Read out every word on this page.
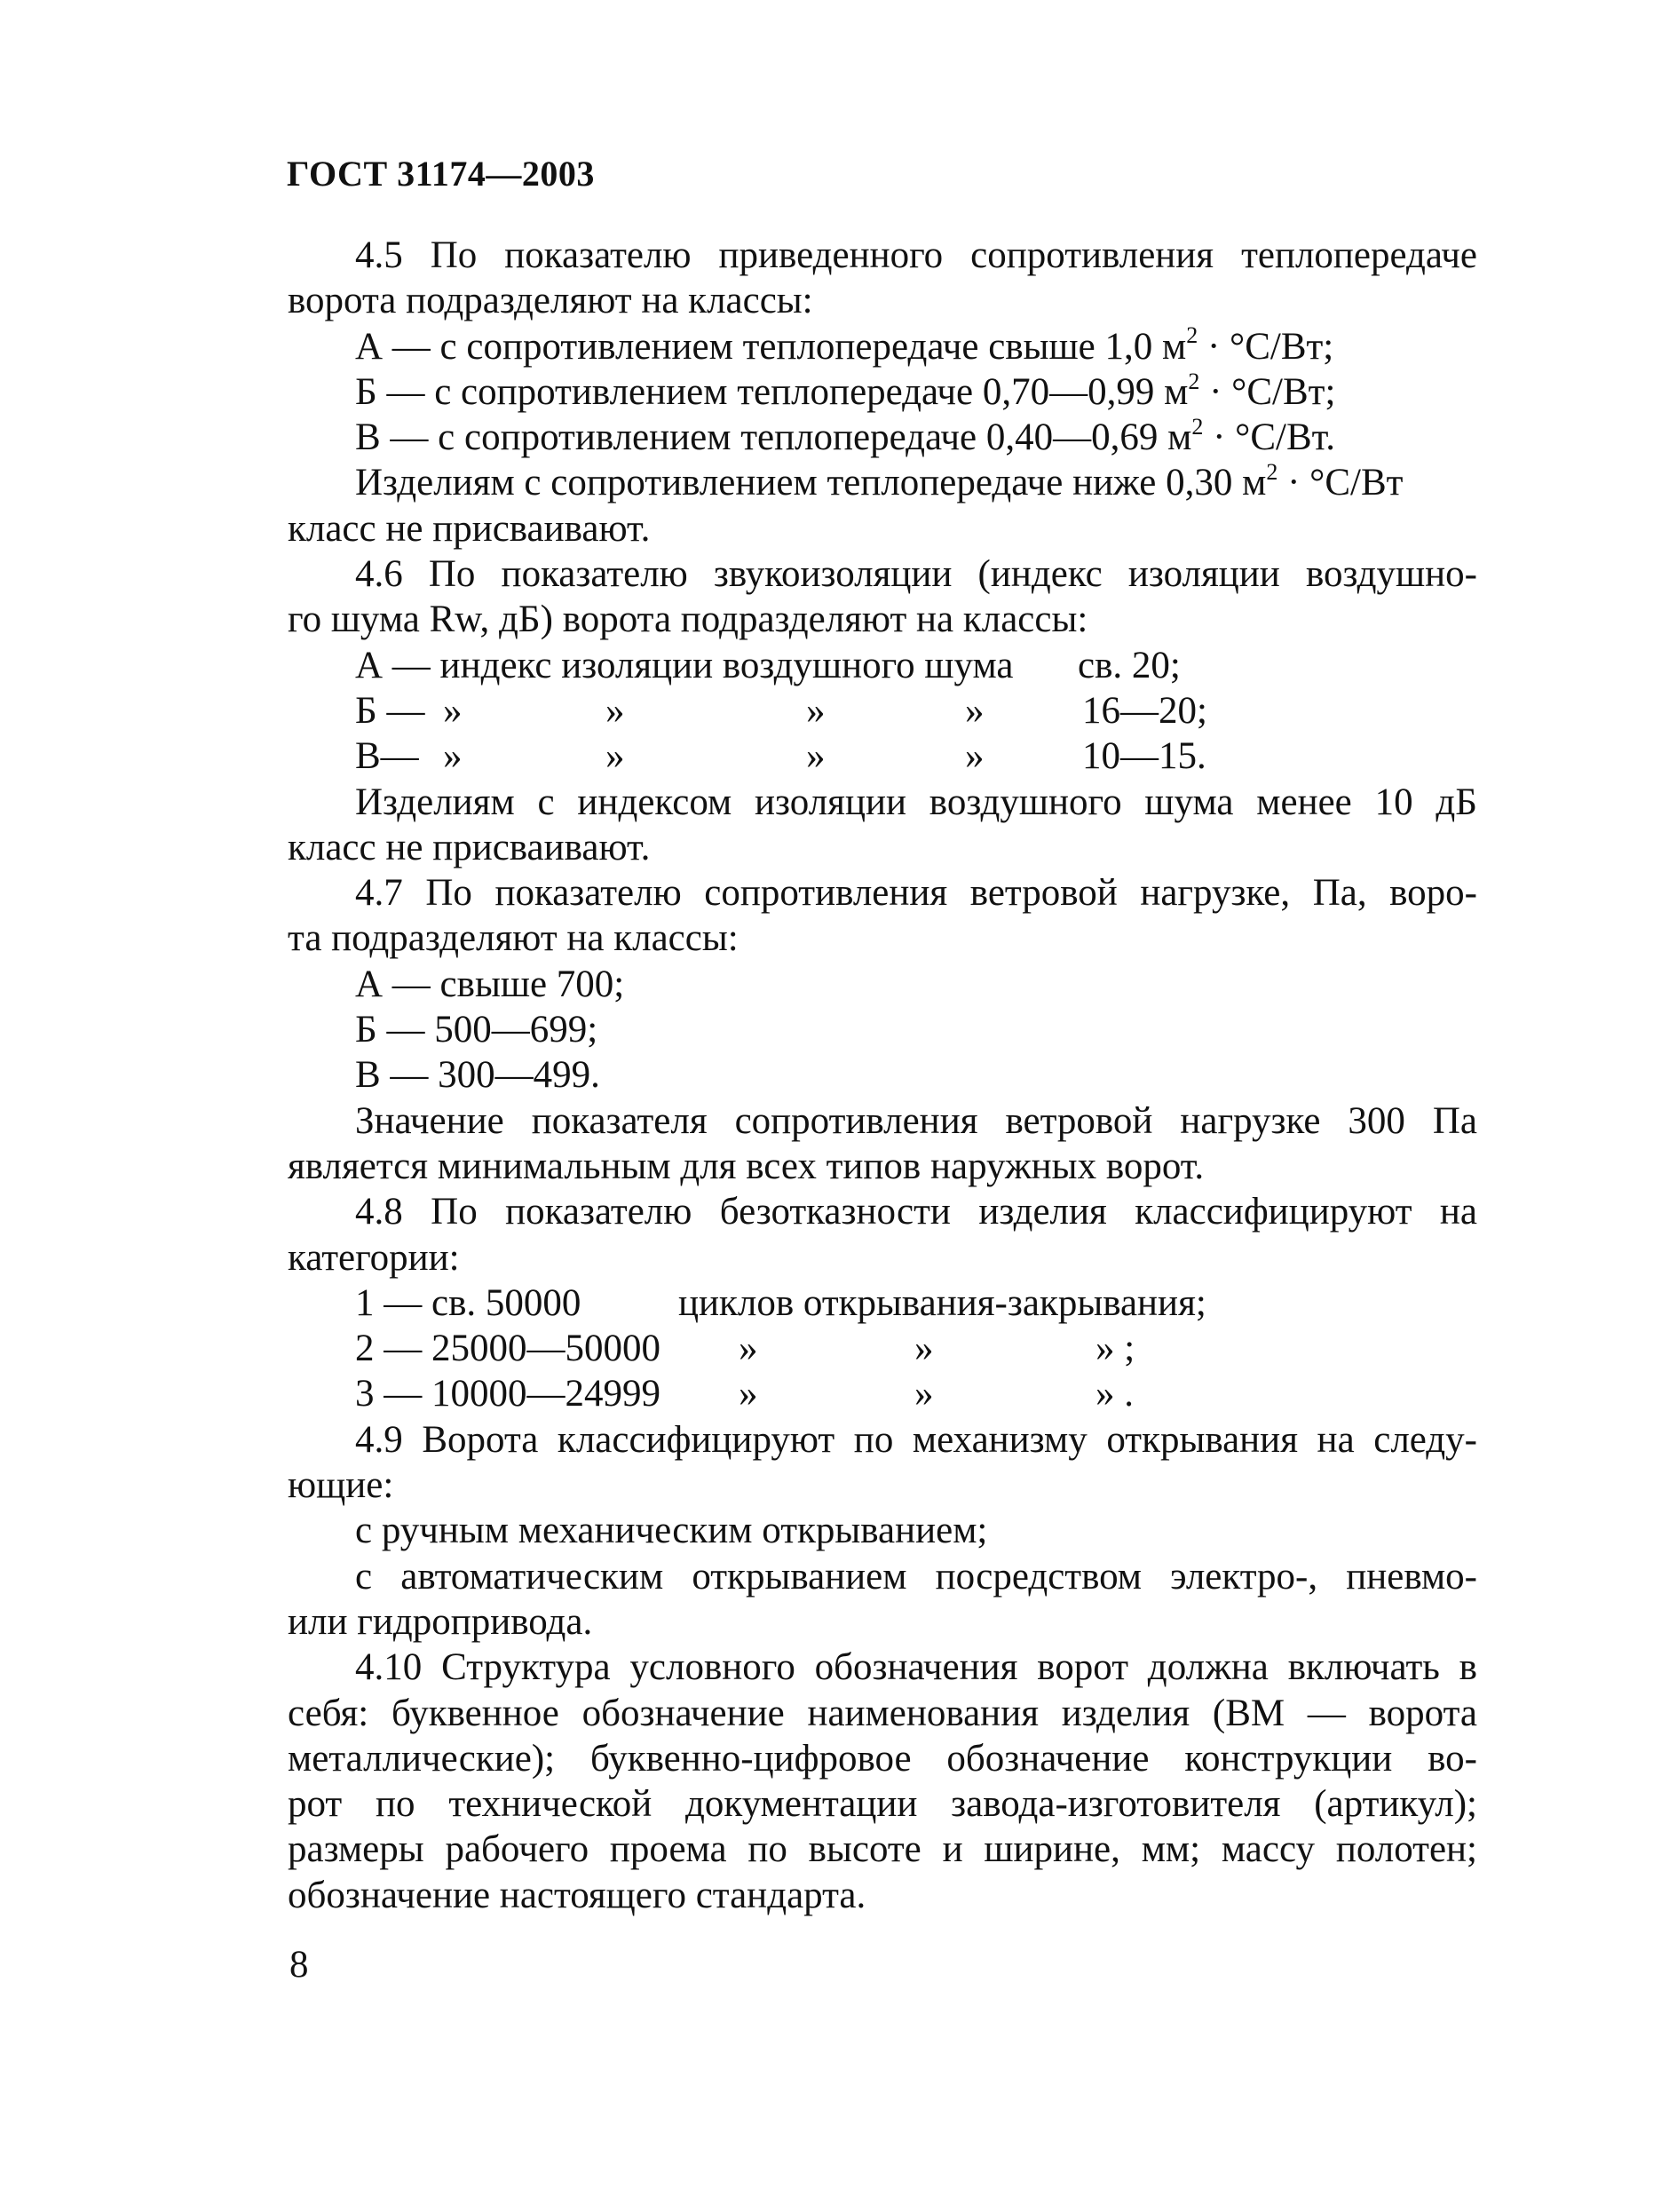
ГОСТ 31174—2003
4.5 По показателю приведенного сопротивления теплопередаче
ворота подразделяют на классы:
А — с сопротивлением теплопередаче свыше 1,0 $м^2 \cdot ^\circ С/Вт$;
Б — с сопротивлением теплопередаче 0,70—0,99 $м^2 \cdot ^\circ С/Вт$;
В — с сопротивлением теплопередаче 0,40—0,69 $м^2 \cdot ^\circ С/Вт$.
Изделиям с сопротивлением теплопередаче ниже 0,30 $м^2 \cdot ^\circ С/Вт$
класс не присваивают.
4.6 По показателю звукоизоляции (индекс изоляции воздушно-
го шума Rw, дБ) ворота подразделяют на классы:
А — индекс изоляции воздушного шума св. 20;
Б — »	»	»	»	16—20;
В— »	»	»	»	10—15.
Изделиям с индексом изоляции воздушного шума менее 10 дБ
класс не присваивают.
4.7 По показателю сопротивления ветровой нагрузке, Па, воро-
та подразделяют на классы:
А — свыше 700;
Б — 500—699;
В — 300—499.
Значение показателя сопротивления ветровой нагрузке 300 Па
является минимальным для всех типов наружных ворот.
4.8 По показателю безотказности изделия классифицируют на
категории:
1 — св. 50000	циклов открывания-закрывания;
2 — 25000—50000 »	»	» ;
3 — 10000—24999 »	»	» .
4.9 Ворота классифицируют по механизму открывания на следу-
ющие:
с ручным механическим открыванием;
с автоматическим открыванием посредством электро-, пневмо-
или гидропривода.
4.10 Структура условного обозначения ворот должна включать в
себя: буквенное обозначение наименования изделия (ВМ — ворота
металлические); буквенно-цифровое обозначение конструкции во-
рот по технической документации завода-изготовителя (артикул);
размеры рабочего проема по высоте и ширине, мм; массу полотен;
обозначение настоящего стандарта.
8
